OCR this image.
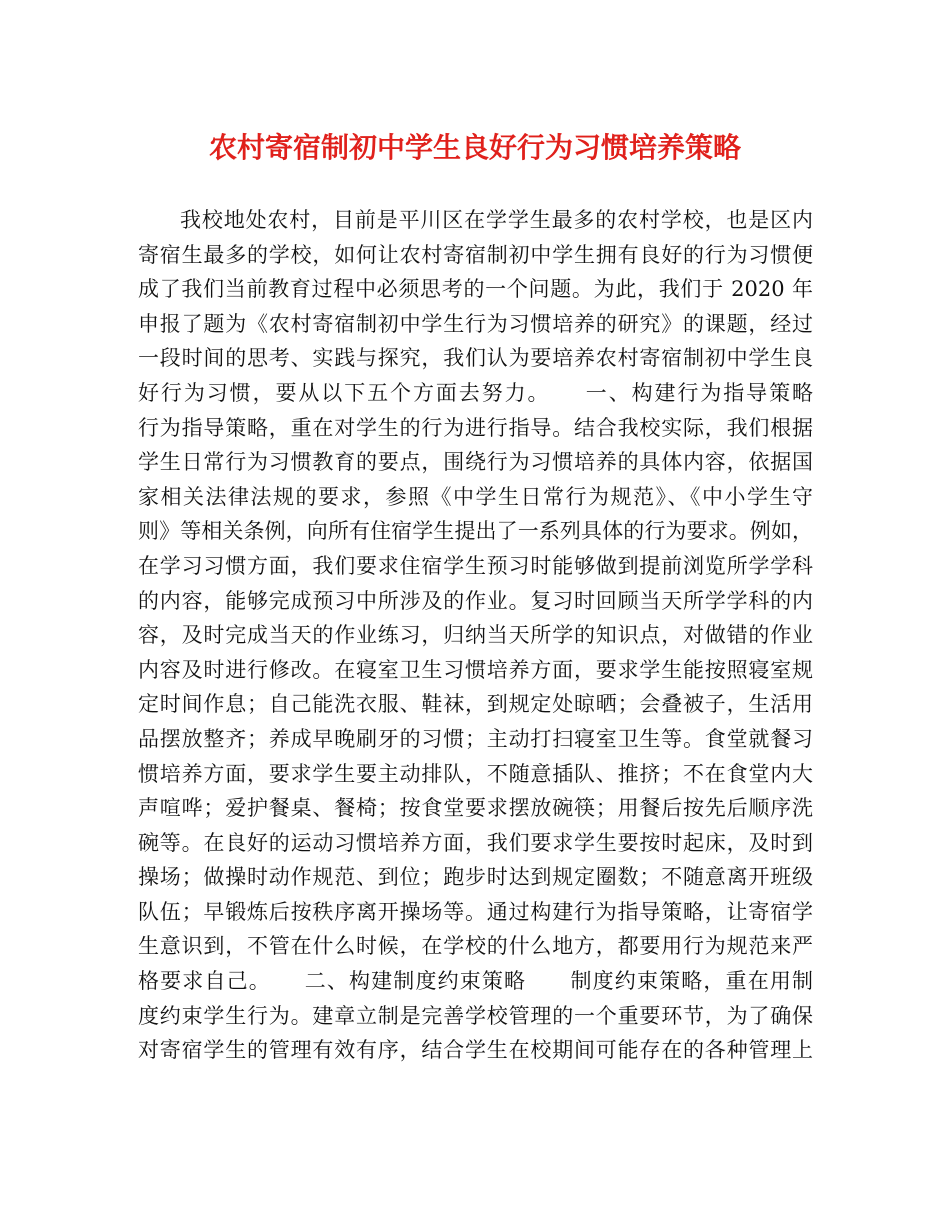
农村寄宿制初中学生良好行为习惯培养策略
我校地处农村，目前是平川区在学学生最多的农村学校，也是区内
寄宿生最多的学校，如何让农村寄宿制初中学生拥有良好的行为习惯便
成了我们当前教育过程中必须思考的一个问题。为此，我们于 2020 年
申报了题为《农村寄宿制初中学生行为习惯培养的研究》的课题，经过
一段时间的思考、实践与探究，我们认为要培养农村寄宿制初中学生良
好行为习惯，要从以下五个方面去努力。　　一、构建行为指导策略
行为指导策略，重在对学生的行为进行指导。结合我校实际，我们根据
学生日常行为习惯教育的要点，围绕行为习惯培养的具体内容，依据国
家相关法律法规的要求，参照《中学生日常行为规范》、《中小学生守
则》等相关条例，向所有住宿学生提出了一系列具体的行为要求。例如，
在学习习惯方面，我们要求住宿学生预习时能够做到提前浏览所学学科
的内容，能够完成预习中所涉及的作业。复习时回顾当天所学学科的内
容，及时完成当天的作业练习，归纳当天所学的知识点，对做错的作业
内容及时进行修改。在寝室卫生习惯培养方面，要求学生能按照寝室规
定时间作息；自己能洗衣服、鞋袜，到规定处晾晒；会叠被子，生活用
品摆放整齐；养成早晚刷牙的习惯；主动打扫寝室卫生等。食堂就餐习
惯培养方面，要求学生要主动排队，不随意插队、推挤；不在食堂内大
声喧哗；爱护餐桌、餐椅；按食堂要求摆放碗筷；用餐后按先后顺序洗
碗等。在良好的运动习惯培养方面，我们要求学生要按时起床，及时到
操场；做操时动作规范、到位；跑步时达到规定圈数；不随意离开班级
队伍；早锻炼后按秩序离开操场等。通过构建行为指导策略，让寄宿学
生意识到，不管在什么时候，在学校的什么地方，都要用行为规范来严
格要求自己。　　二、构建制度约束策略　　制度约束策略，重在用制
度约束学生行为。建章立制是完善学校管理的一个重要环节，为了确保
对寄宿学生的管理有效有序，结合学生在校期间可能存在的各种管理上
